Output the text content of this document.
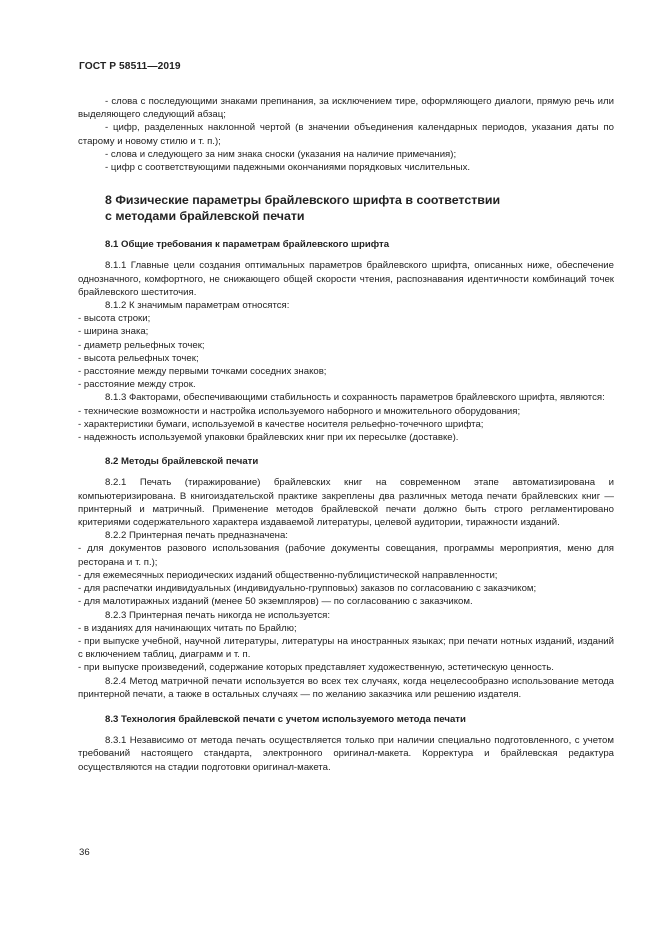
ГОСТ Р 58511—2019

- слова с последующими знаками препинания, за исключением тире, оформляющего диалоги, прямую речь или выделяющего следующий абзац;

- цифр, разделенных наклонной чертой (в значении объединения календарных периодов, указания даты по старому и новому стилю и т. п.);

- слова и следующего за ним знака сноски (указания на наличие примечания);

- цифр с соответствующими падежными окончаниями порядковых числительных.

8 Физические параметры брайлевского шрифта в соответствии
с методами брайлевской печати
8.1 Общие требования к параметрам брайлевского шрифта

8.1.1 Главные цели создания оптимальных параметров брайлевского шрифта, описанных ниже, обеспечение однозначного, комфортного, не снижающего общей скорости чтения, распознавания идентичности комбинаций точек брайлевского шеститочия.

8.1.2 К значимым параметрам относятся:

- высота строки;

- ширина знака;

- диаметр рельефных точек;

- высота рельефных точек;

- расстояние между первыми точками соседних знаков;

- расстояние между строк.

8.1.3 Факторами, обеспечивающими стабильность и сохранность параметров брайлевского шрифта, являются:

- технические возможности и настройка используемого наборного и множительного оборудования;

- характеристики бумаги, используемой в качестве носителя рельефно-точечного шрифта;

- надежность используемой упаковки брайлевских книг при их пересылке (доставке).

8.2 Методы брайлевской печати

8.2.1 Печать (тиражирование) брайлевских книг на современном этапе автоматизирована и компьютеризирована. В книгоиздательской практике закреплены два различных метода печати брайлевских книг — принтерный и матричный. Применение методов брайлевской печати должно быть строго регламентировано критериями содержательного характера издаваемой литературы, целевой аудитории, тиражности изданий.

8.2.2 Принтерная печать предназначена:

- для документов разового использования (рабочие документы совещания, программы мероприятия, меню для ресторана и т. п.);

- для ежемесячных периодических изданий общественно-публицистической направленности;

- для распечатки индивидуальных (индивидуально-групповых) заказов по согласованию с заказчиком;

- для малотиражных изданий (менее 50 экземпляров) — по согласованию с заказчиком.

8.2.3 Принтерная печать никогда не используется:

- в изданиях для начинающих читать по Брайлю;

- при выпуске учебной, научной литературы, литературы на иностранных языках; при печати нотных изданий, изданий с включением таблиц, диаграмм и т. п.

- при выпуске произведений, содержание которых представляет художественную, эстетическую ценность.

8.2.4 Метод матричной печати используется во всех тех случаях, когда нецелесообразно использование метода принтерной печати, а также в остальных случаях — по желанию заказчика или решению издателя.

8.3 Технология брайлевской печати с учетом используемого метода печати

8.3.1 Независимо от метода печать осуществляется только при наличии специально подготовленного, с учетом требований настоящего стандарта, электронного оригинал-макета. Корректура и брайлевская редактура осуществляются на стадии подготовки оригинал-макета.

36
